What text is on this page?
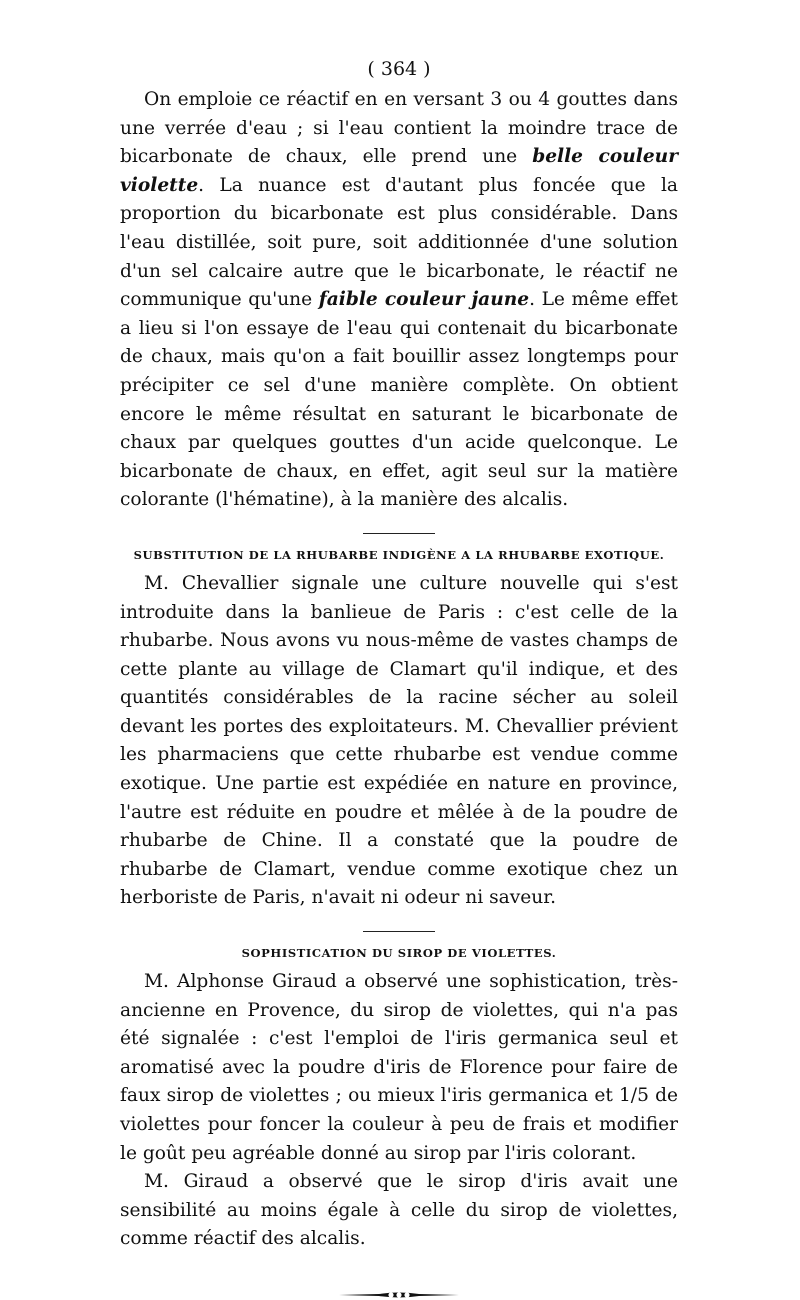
( 364 )

On emploie ce réactif en en versant 3 ou 4 gouttes dans une verrée d'eau ; si l'eau contient la moindre trace de bicarbonate de chaux, elle prend une belle couleur violette. La nuance est d'autant plus foncée que la proportion du bicarbonate est plus considérable. Dans l'eau distillée, soit pure, soit additionnée d'une solution d'un sel calcaire autre que le bicarbonate, le réactif ne communique qu'une faible couleur jaune. Le même effet a lieu si l'on essaye de l'eau qui contenait du bicarbonate de chaux, mais qu'on a fait bouillir assez longtemps pour précipiter ce sel d'une manière complète. On obtient encore le même résultat en saturant le bicarbonate de chaux par quelques gouttes d'un acide quelconque. Le bicarbonate de chaux, en effet, agit seul sur la matière colorante (l'hématine), à la manière des alcalis.

SUBSTITUTION DE LA RHUBARBE INDIGÈNE A LA RHUBARBE EXOTIQUE.

M. Chevallier signale une culture nouvelle qui s'est introduite dans la banlieue de Paris : c'est celle de la rhubarbe. Nous avons vu nous-même de vastes champs de cette plante au village de Clamart qu'il indique, et des quantités considérables de la racine sécher au soleil devant les portes des exploitateurs. M. Chevallier prévient les pharmaciens que cette rhubarbe est vendue comme exotique. Une partie est expédiée en nature en province, l'autre est réduite en poudre et mêlée à de la poudre de rhubarbe de Chine. Il a constaté que la poudre de rhubarbe de Clamart, vendue comme exotique chez un herboriste de Paris, n'avait ni odeur ni saveur.

SOPHISTICATION DU SIROP DE VIOLETTES.

M. Alphonse Giraud a observé une sophistication, très-ancienne en Provence, du sirop de violettes, qui n'a pas été signalée : c'est l'emploi de l'iris germanica seul et aromatisé avec la poudre d'iris de Florence pour faire de faux sirop de violettes ; ou mieux l'iris germanica et 1/5 de violettes pour foncer la couleur à peu de frais et modifier le goût peu agréable donné au sirop par l'iris colorant.

M. Giraud a observé que le sirop d'iris avait une sensibilité au moins égale à celle du sirop de violettes, comme réactif des alcalis.
